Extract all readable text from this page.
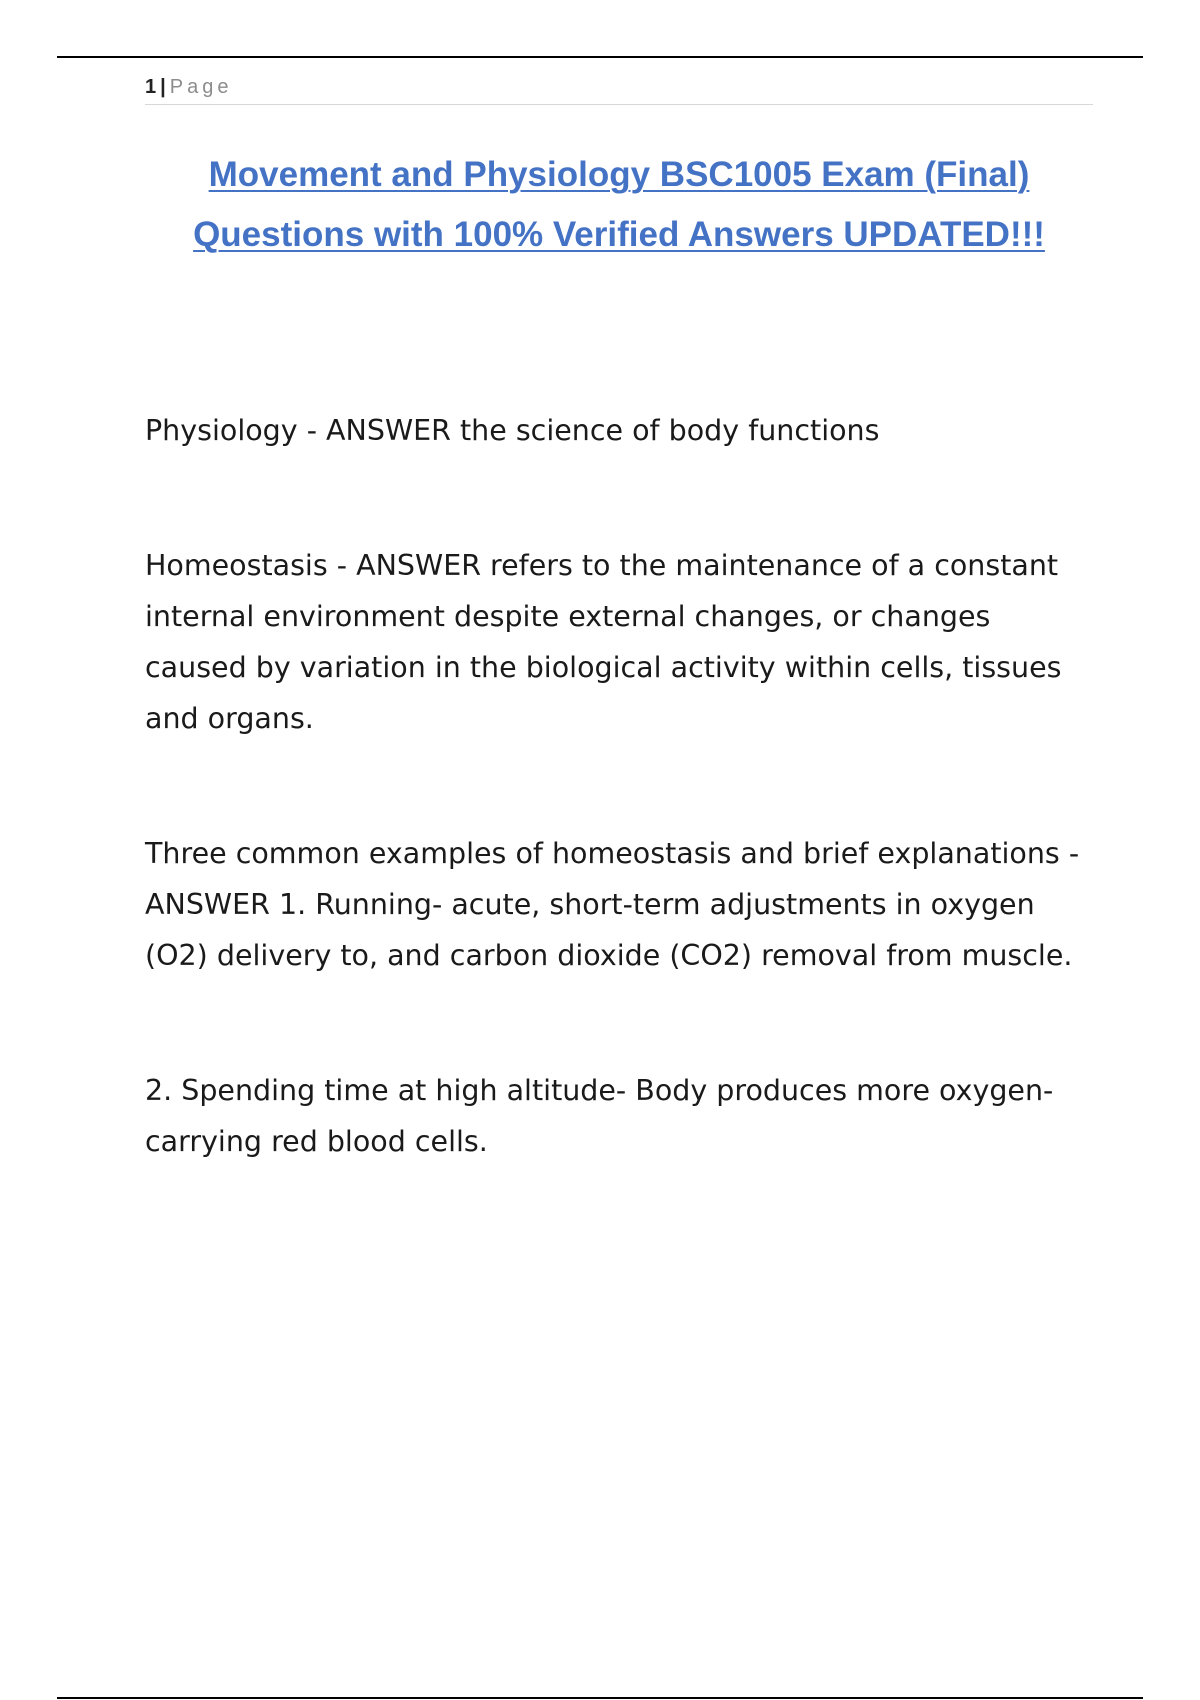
1 | Page
Movement and Physiology BSC1005 Exam (Final) Questions with 100% Verified Answers UPDATED!!!

Physiology - ANSWER the science of body functions

Homeostasis - ANSWER refers to the maintenance of a constant internal environment despite external changes, or changes caused by variation in the biological activity within cells, tissues and organs.

Three common examples of homeostasis and brief explanations - ANSWER 1. Running- acute, short-term adjustments in oxygen (O2) delivery to, and carbon dioxide (CO2) removal from muscle.

2. Spending time at high altitude- Body produces more oxygen-carrying red blood cells.
